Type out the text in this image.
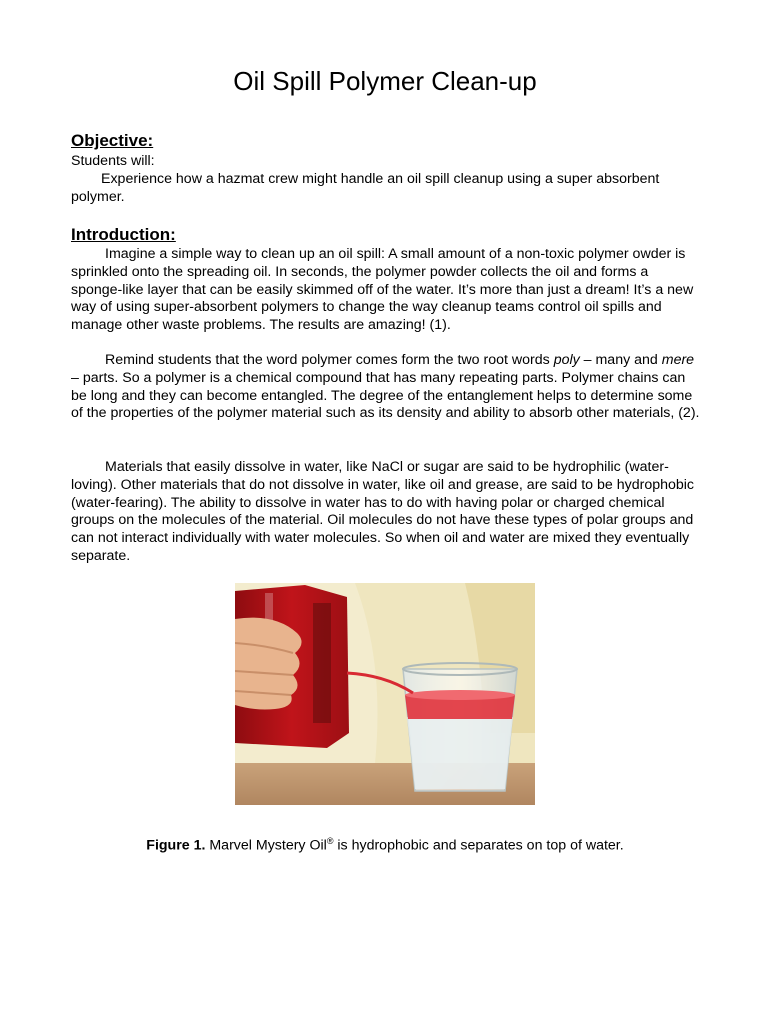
Oil Spill Polymer Clean-up
Objective:

Students will:

Experience how a hazmat crew might handle an oil spill cleanup using a super absorbent polymer.

Introduction:

Imagine a simple way to clean up an oil spill: A small amount of a non-toxic polymer owder is sprinkled onto the spreading oil. In seconds, the polymer powder collects the oil and forms a sponge-like layer that can be easily skimmed off of the water. It’s more than just a dream! It’s a new way of using super-absorbent polymers to change the way cleanup teams control oil spills and manage other waste problems. The results are amazing! (1).

Remind students that the word polymer comes form the two root words poly – many and mere – parts. So a polymer is a chemical compound that has many repeating parts. Polymer chains can be long and they can become entangled. The degree of the entanglement helps to determine some of the properties of the polymer material such as its density and ability to absorb other materials, (2).

Materials that easily dissolve in water, like NaCl or sugar are said to be hydrophilic (water-loving). Other materials that do not dissolve in water, like oil and grease, are said to be hydrophobic (water-fearing). The ability to dissolve in water has to do with having polar or charged chemical groups on the molecules of the material. Oil molecules do not have these types of polar groups and can not interact individually with water molecules. So when oil and water are mixed they eventually separate.

Figure 1. Marvel Mystery Oil® is hydrophobic and separates on top of water.
